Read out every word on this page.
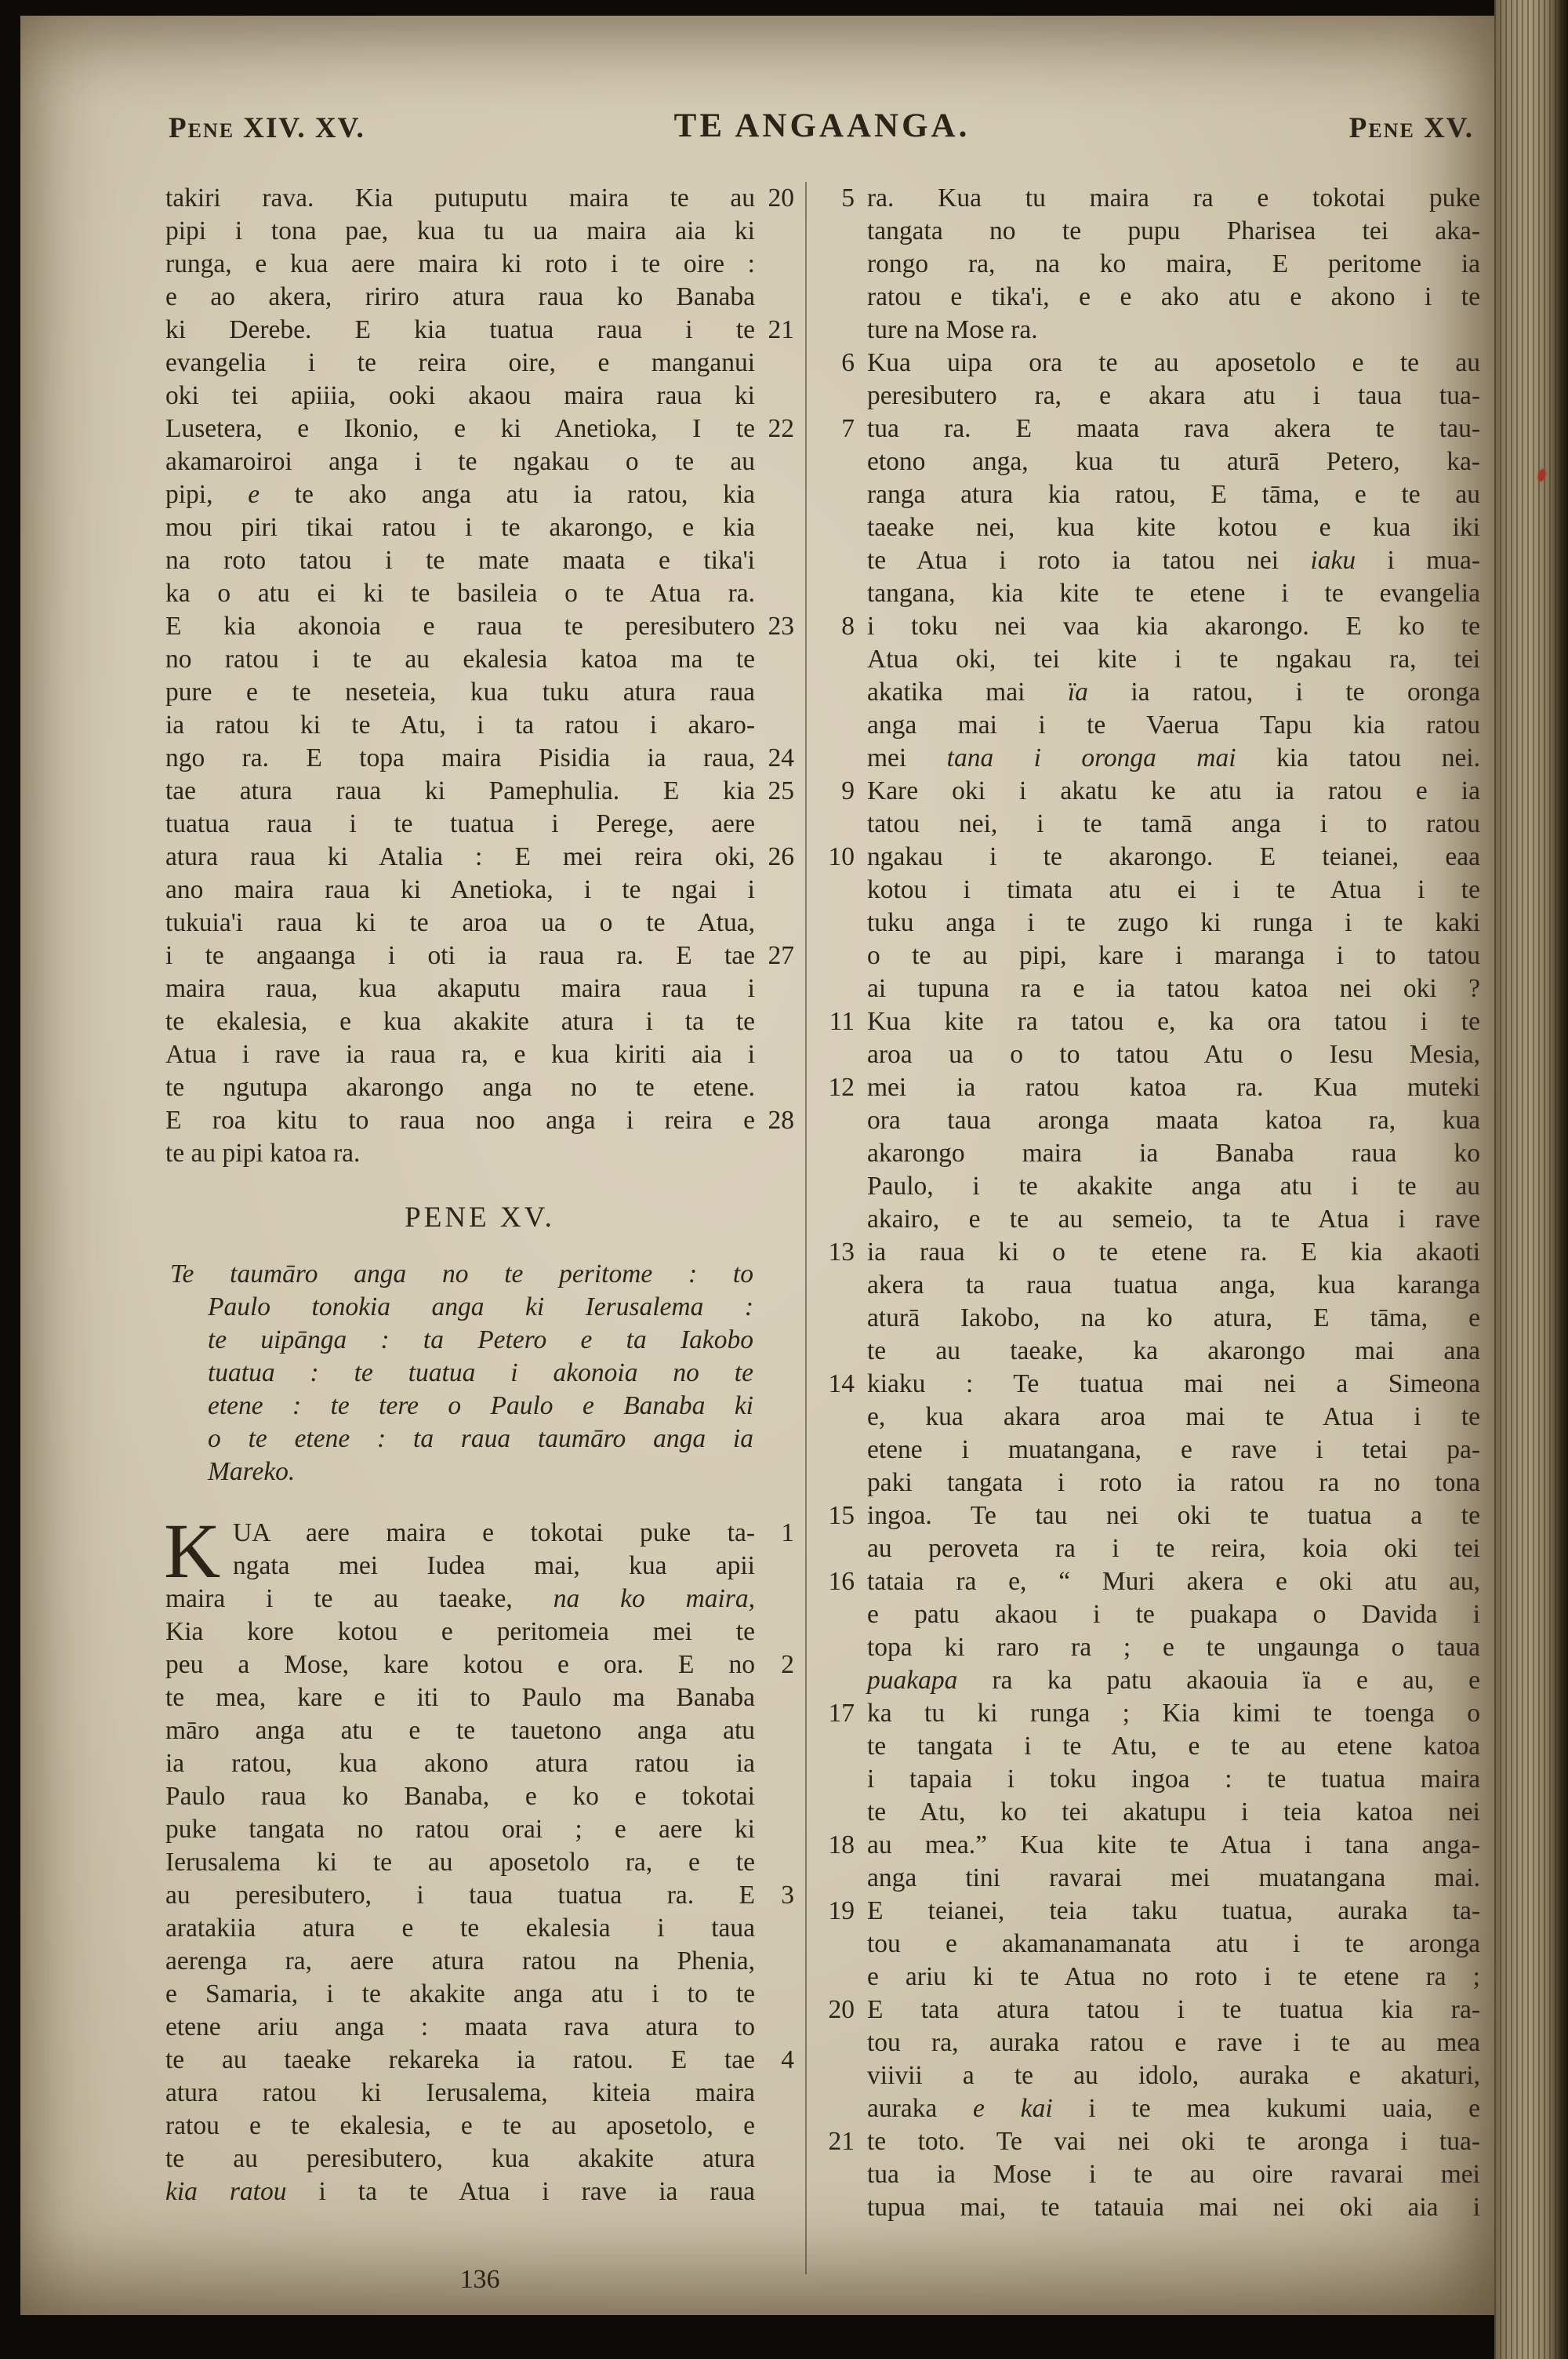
Pene XIV. XV.	TE ANGAANGA.	Pene XV.
takiri rava. Kia putuputu maira te au 20
pipi i tona pae, kua tu ua maira aia ki
runga, e kua aere maira ki roto i te oire :
e ao akera, ririro atura raua ko Banaba
ki Derebe. E kia tuatua raua i te 21
evangelia i te reira oire, e manganui
oki tei apiiia, ooki akaou maira raua ki
Lusetera, e Ikonio, e ki Anetioka, I te 22
akamaroiroi anga i te ngakau o te au
pipi, e te ako anga atu ia ratou, kia
mou piri tikai ratou i te akarongo, e kia
na roto tatou i te mate maata e tika'i
ka o atu ei ki te basileia o te Atua ra.
E kia akonoia e raua te peresibutero 23
no ratou i te au ekalesia katoa ma te
pure e te neseteia, kua tuku atura raua
ia ratou ki te Atu, i ta ratou i akaro-
ngo ra. E topa maira Pisidia ia raua, 24
tae atura raua ki Pamephulia. E kia 25
tuatua raua i te tuatua i Perege, aere
atura raua ki Atalia : E mei reira oki, 26
ano maira raua ki Anetioka, i te ngai i
tukuia'i raua ki te aroa ua o te Atua,
i te angaanga i oti ia raua ra. E tae 27
maira raua, kua akaputu maira raua i
te ekalesia, e kua akakite atura i ta te
Atua i rave ia raua ra, e kua kiriti aia i
te ngutupa akarongo anga no te etene.
E roa kitu to raua noo anga i reira e 28
te au pipi katoa ra.
PENE XV.
Te taumāro anga no te peritome : to
Paulo tonokia anga ki Ierusalema :
te uipānga : ta Petero e ta Iakobo
tuatua : te tuatua i akonoia no te
etene : te tere o Paulo e Banaba ki
o te etene : ta raua taumāro anga ia
Mareko.
K UA aere maira e tokotai puke ta- 1
ngata mei Iudea mai, kua apii
maira i te au taeake, na ko maira,
Kia kore kotou e peritomeia mei te
peu a Mose, kare kotou e ora. E no 2
te mea, kare e iti to Paulo ma Banaba
māro anga atu e te tauetono anga atu
ia ratou, kua akono atura ratou ia
Paulo raua ko Banaba, e ko e tokotai
puke tangata no ratou orai ; e aere ki
Ierusalema ki te au aposetolo ra, e te
au peresibutero, i taua tuatua ra. E 3
aratakiia atura e te ekalesia i taua
aerenga ra, aere atura ratou na Phenia,
e Samaria, i te akakite anga atu i to te
etene ariu anga : maata rava atura to
te au taeake rekareka ia ratou. E tae 4
atura ratou ki Ierusalema, kiteia maira
ratou e te ekalesia, e te au aposetolo, e
te au peresibutero, kua akakite atura
kia ratou i ta te Atua i rave ia raua
5 ra. Kua tu maira ra e tokotai puke
tangata no te pupu Pharisea tei aka-
rongo ra, na ko maira, E peritome ia
ratou e tika'i, e e ako atu e akono i te
ture na Mose ra.
6 Kua uipa ora te au aposetolo e te au
peresibutero ra, e akara atu i taua tua-
7 tua ra. E maata rava akera te tau-
etono anga, kua tu aturā Petero, ka-
ranga atura kia ratou, E tāma, e te au
taeake nei, kua kite kotou e kua iki
te Atua i roto ia tatou nei iaku i mua-
tangana, kia kite te etene i te evangelia
8 i toku nei vaa kia akarongo. E ko te
Atua oki, tei kite i te ngakau ra, tei
akatika mai ïa ia ratou, i te oronga
anga mai i te Vaerua Tapu kia ratou
mei tana i oronga mai kia tatou nei.
9 Kare oki i akatu ke atu ia ratou e ia
tatou nei, i te tamā anga i to ratou
10 ngakau i te akarongo. E teianei, eaa
kotou i timata atu ei i te Atua i te
tuku anga i te zugo ki runga i te kaki
o te au pipi, kare i maranga i to tatou
ai tupuna ra e ia tatou katoa nei oki ?
11 Kua kite ra tatou e, ka ora tatou i te
aroa ua o to tatou Atu o Iesu Mesia,
12 mei ia ratou katoa ra. Kua muteki
ora taua aronga maata katoa ra, kua
akarongo maira ia Banaba raua ko
Paulo, i te akakite anga atu i te au
akairo, e te au semeio, ta te Atua i rave
13 ia raua ki o te etene ra. E kia akaoti
akera ta raua tuatua anga, kua karanga
aturā Iakobo, na ko atura, E tāma, e
te au taeake, ka akarongo mai ana
14 kiaku : Te tuatua mai nei a Simeona
e, kua akara aroa mai te Atua i te
etene i muatangana, e rave i tetai pa-
paki tangata i roto ia ratou ra no tona
15 ingoa. Te tau nei oki te tuatua a te
au peroveta ra i te reira, koia oki tei
16 tataia ra e, “ Muri akera e oki atu au,
e patu akaou i te puakapa o Davida i
topa ki raro ra ; e te ungaunga o taua
puakapa ra ka patu akaouia ïa e au, e
17 ka tu ki runga ; Kia kimi te toenga o
te tangata i te Atu, e te au etene katoa
i tapaia i toku ingoa : te tuatua maira
te Atu, ko tei akatupu i teia katoa nei
18 au mea.” Kua kite te Atua i tana anga-
anga tini ravarai mei muatangana mai.
19 E teianei, teia taku tuatua, auraka ta-
tou e akamanamanata atu i te aronga
e ariu ki te Atua no roto i te etene ra ;
20 E tata atura tatou i te tuatua kia ra-
tou ra, auraka ratou e rave i te au mea
viivii a te au idolo, auraka e akaturi,
auraka e kai i te mea kukumi uaia, e
21 te toto. Te vai nei oki te aronga i tua-
tua ia Mose i te au oire ravarai mei
tupua mai, te tatauia mai nei oki aia i
136
